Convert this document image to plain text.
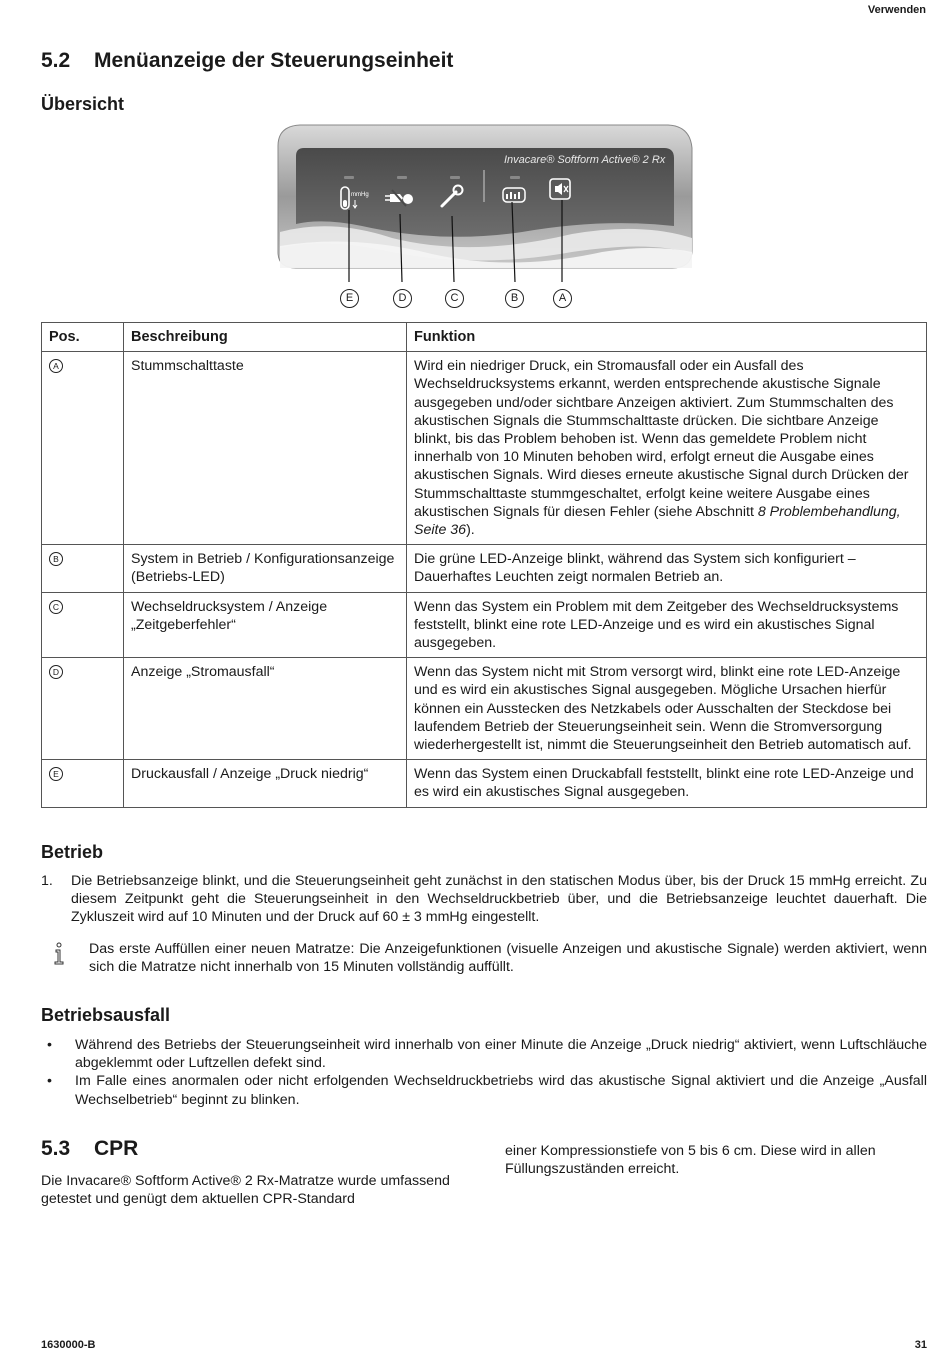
Verwenden
5.2 Menüanzeige der Steuerungseinheit
Übersicht
Invacare® Softform Active® 2 Rx
mmHg
E	D	C	B	A
Pos.	Beschreibung	Funktion
A	Stummschalttaste	Wird ein niedriger Druck, ein Stromausfall oder ein Ausfall des Wechseldrucksystems erkannt, werden entsprechende akustische Signale ausgegeben und/oder sichtbare Anzeigen aktiviert. Zum Stummschalten des akustischen Signals die Stummschalttaste drücken. Die sichtbare Anzeige blinkt, bis das Problem behoben ist. Wenn das gemeldete Problem nicht innerhalb von 10 Minuten behoben wird, erfolgt erneut die Ausgabe eines akustischen Signals. Wird dieses erneute akustische Signal durch Drücken der Stummschalttaste stummgeschaltet, erfolgt keine weitere Ausgabe eines akustischen Signals für diesen Fehler (siehe Abschnitt 8 Problembehandlung, Seite 36).
B	System in Betrieb / Konfigurationsanzeige (Betriebs-LED)	Die grüne LED-Anzeige blinkt, während das System sich konfiguriert – Dauerhaftes Leuchten zeigt normalen Betrieb an.
C	Wechseldrucksystem / Anzeige „Zeitgeberfehler“	Wenn das System ein Problem mit dem Zeitgeber des Wechseldrucksystems feststellt, blinkt eine rote LED-Anzeige und es wird ein akustisches Signal ausgegeben.
D	Anzeige „Stromausfall“	Wenn das System nicht mit Strom versorgt wird, blinkt eine rote LED-Anzeige und es wird ein akustisches Signal ausgegeben. Mögliche Ursachen hierfür können ein Ausstecken des Netzkabels oder Ausschalten der Steckdose bei laufendem Betrieb der Steuerungseinheit sein. Wenn die Stromversorgung wiederhergestellt ist, nimmt die Steuerungseinheit den Betrieb automatisch auf.
E	Druckausfall / Anzeige „Druck niedrig“	Wenn das System einen Druckabfall feststellt, blinkt eine rote LED-Anzeige und es wird ein akustisches Signal ausgegeben.
Betrieb
1. Die Betriebsanzeige blinkt, und die Steuerungseinheit geht zunächst in den statischen Modus über, bis der Druck 15 mmHg erreicht. Zu diesem Zeitpunkt geht die Steuerungseinheit in den Wechseldruckbetrieb über, und die Betriebsanzeige leuchtet dauerhaft. Die Zykluszeit wird auf 10 Minuten und der Druck auf 60 ± 3 mmHg eingestellt.
Das erste Auffüllen einer neuen Matratze: Die Anzeigefunktionen (visuelle Anzeigen und akustische Signale) werden aktiviert, wenn sich die Matratze nicht innerhalb von 15 Minuten vollständig auffüllt.
Betriebsausfall
• Während des Betriebs der Steuerungseinheit wird innerhalb von einer Minute die Anzeige „Druck niedrig“ aktiviert, wenn Luftschläuche abgeklemmt oder Luftzellen defekt sind.
• Im Falle eines anormalen oder nicht erfolgenden Wechseldruckbetriebs wird das akustische Signal aktiviert und die Anzeige „Ausfall Wechselbetrieb“ beginnt zu blinken.
5.3 CPR
Die Invacare® Softform Active® 2 Rx-Matratze wurde umfassend getestet und genügt dem aktuellen CPR-Standard
einer Kompressionstiefe von 5 bis 6 cm. Diese wird in allen Füllungszuständen erreicht.
1630000-B	31
